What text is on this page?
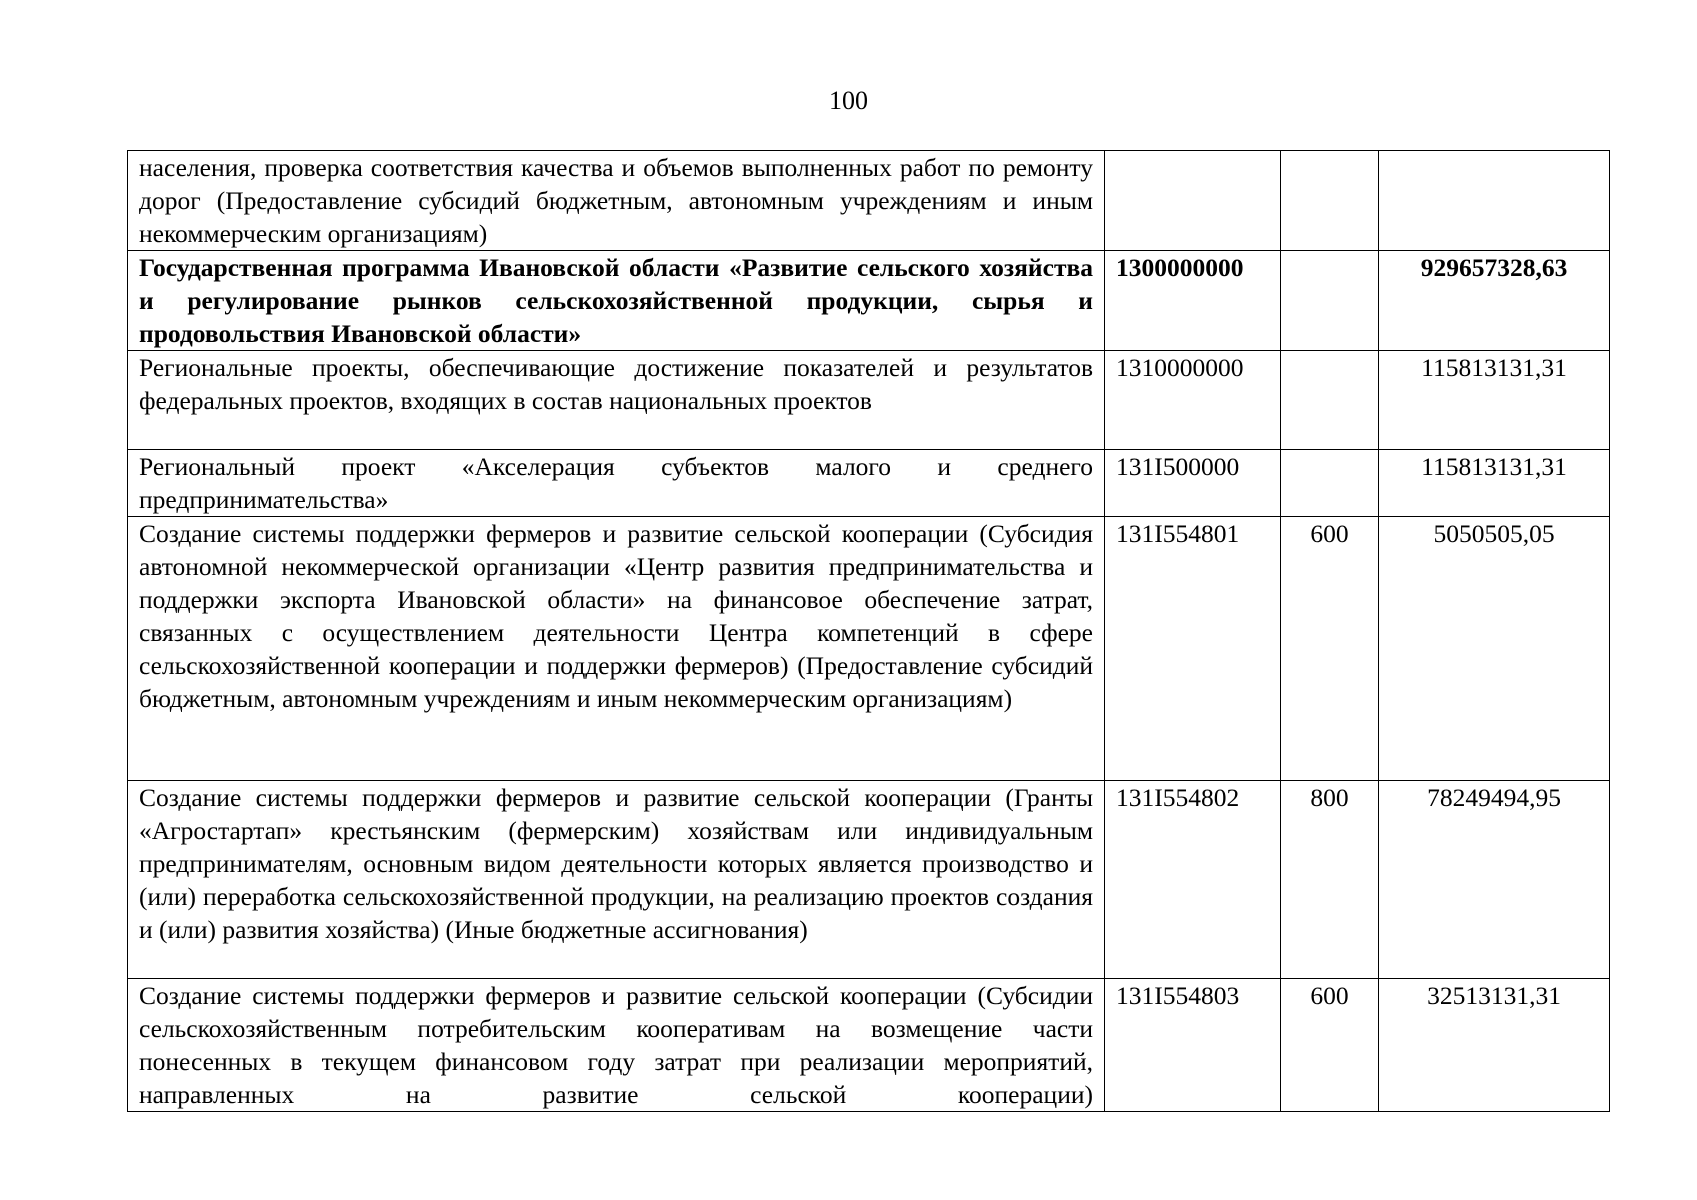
100
населения, проверка соответствия качества и объемов выполненных работ по ремонту дорог (Предоставление субсидий бюджетным, автономным учреждениям и иным некоммерческим организациям)			
Государственная программа Ивановской области «Развитие сельского хозяйства и регулирование рынков сельскохозяйственной продукции, сырья и продовольствия Ивановской области»	1300000000		929657328,63
Региональные проекты, обеспечивающие достижение показателей и результатов федеральных проектов, входящих в состав национальных проектов	1310000000		115813131,31
Региональный проект «Акселерация субъектов малого и среднего предпринимательства»	131I500000		115813131,31
Создание системы поддержки фермеров и развитие сельской кооперации (Субсидия автономной некоммерческой организации «Центр развития предпринимательства и поддержки экспорта Ивановской области» на финансовое обеспечение затрат, связанных с осуществлением деятельности Центра компетенций в сфере сельскохозяйственной кооперации и поддержки фермеров) (Предоставление субсидий бюджетным, автономным учреждениям и иным некоммерческим организациям)	131I554801	600	5050505,05
Создание системы поддержки фермеров и развитие сельской кооперации (Гранты «Агростартап» крестьянским (фермерским) хозяйствам или индивидуальным предпринимателям, основным видом деятельности которых является производство и (или) переработка сельскохозяйственной продукции, на реализацию проектов создания и (или) развития хозяйства) (Иные бюджетные ассигнования)	131I554802	800	78249494,95
Создание системы поддержки фермеров и развитие сельской кооперации (Субсидии сельскохозяйственным потребительским кооперативам на возмещение части понесенных в текущем финансовом году затрат при реализации мероприятий, направленных на развитие сельской кооперации)	131I554803	600	32513131,31
